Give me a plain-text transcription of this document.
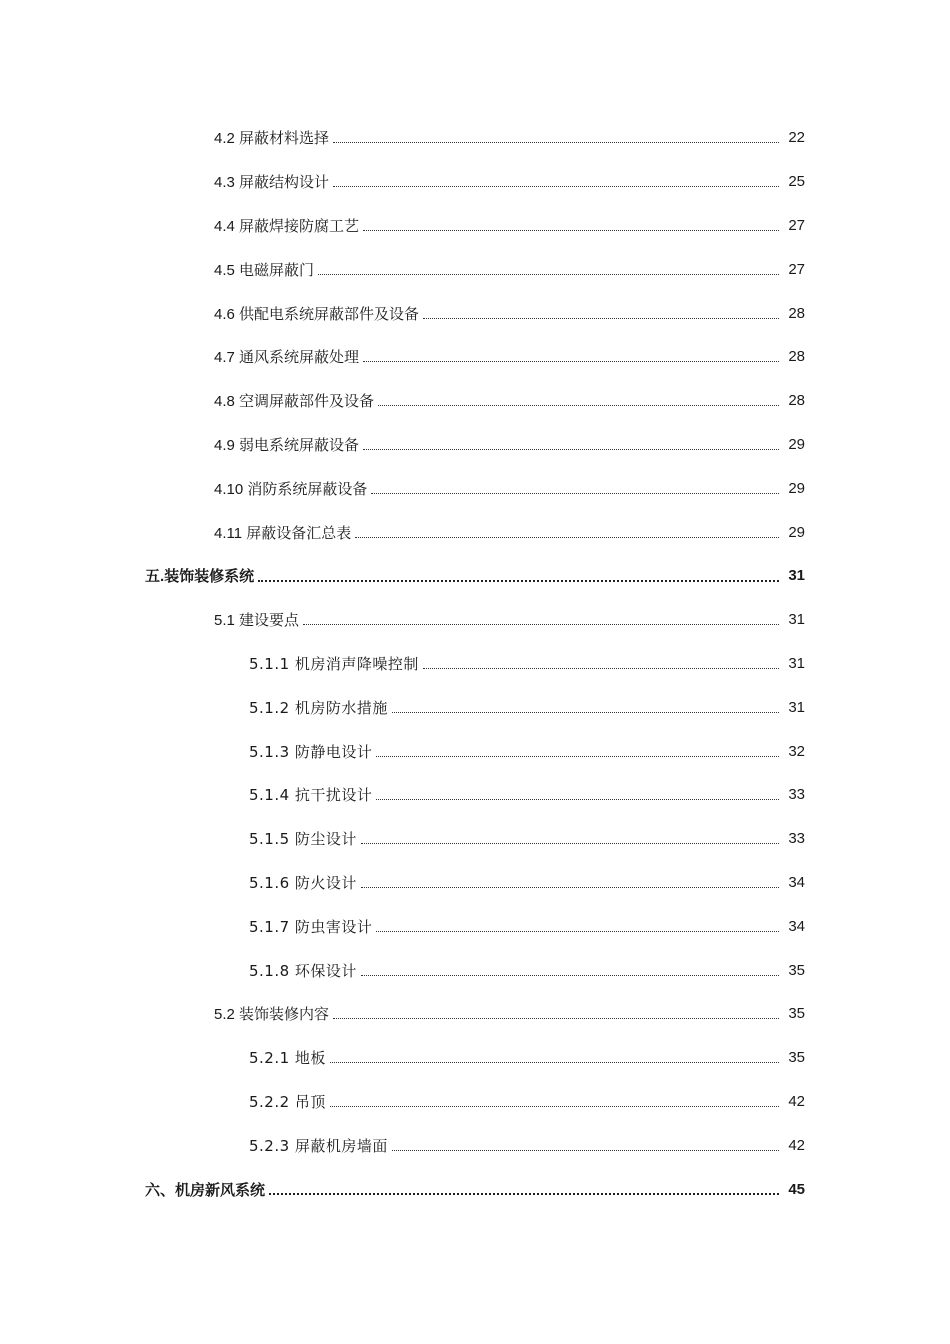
4.2 屏蔽材料选择	22
4.3 屏蔽结构设计	25
4.4 屏蔽焊接防腐工艺	27
4.5 电磁屏蔽门	27
4.6 供配电系统屏蔽部件及设备	28
4.7 通风系统屏蔽处理	28
4.8 空调屏蔽部件及设备	28
4.9 弱电系统屏蔽设备	29
4.10 消防系统屏蔽设备	29
4.11 屏蔽设备汇总表	29
五.装饰装修系统	31
5.1 建设要点	31
5.1.1 机房消声降噪控制	31
5.1.2 机房防水措施	31
5.1.3 防静电设计	32
5.1.4 抗干扰设计	33
5.1.5 防尘设计	33
5.1.6 防火设计	34
5.1.7 防虫害设计	34
5.1.8 环保设计	35
5.2 装饰装修内容	35
5.2.1 地板	35
5.2.2 吊顶	42
5.2.3 屏蔽机房墙面	42
六、机房新风系统	45
